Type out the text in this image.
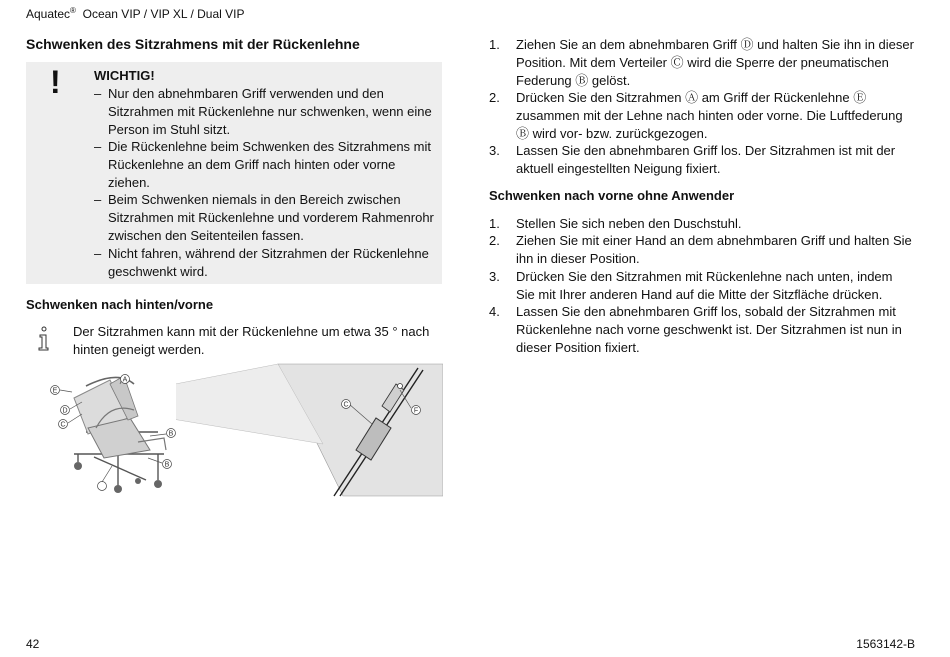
Aquatec®  Ocean VIP / VIP XL / Dual VIP
Schwenken des Sitzrahmens mit der Rückenlehne
!	WICHTIG!
– Nur den abnehmbaren Griff verwenden und den Sitzrahmen mit Rückenlehne nur schwenken, wenn eine Person im Stuhl sitzt.
– Die Rückenlehne beim Schwenken des Sitzrahmens mit Rückenlehne an dem Griff nach hinten oder vorne ziehen.
– Beim Schwenken niemals in den Bereich zwischen Sitzrahmen mit Rückenlehne und vorderem Rahmenrohr zwischen den Seitenteilen fassen.
– Nicht fahren, während der Sitzrahmen der Rückenlehne geschwenkt wird.
Schwenken nach hinten/vorne
Der Sitzrahmen kann mit der Rückenlehne um etwa 35 ° nach hinten geneigt werden.
A
B
B
C
D
E
C
F
1.	Ziehen Sie an dem abnehmbaren Griff Ⓓ und halten Sie ihn in dieser Position. Mit dem Verteiler Ⓒ wird die Sperre der pneumatischen Federung Ⓑ gelöst.
2.	Drücken Sie den Sitzrahmen Ⓐ am Griff der Rückenlehne Ⓔ zusammen mit der Lehne nach hinten oder vorne. Die Luftfederung Ⓑ wird vor- bzw. zurückgezogen.
3.	Lassen Sie den abnehmbaren Griff los. Der Sitzrahmen ist mit der aktuell eingestellten Neigung fixiert.
Schwenken nach vorne ohne Anwender
1.	Stellen Sie sich neben den Duschstuhl.
2.	Ziehen Sie mit einer Hand an dem abnehmbaren Griff und halten Sie ihn in dieser Position.
3.	Drücken Sie den Sitzrahmen mit Rückenlehne nach unten, indem Sie mit Ihrer anderen Hand auf die Mitte der Sitzfläche drücken.
4.	Lassen Sie den abnehmbaren Griff los, sobald der Sitzrahmen mit Rückenlehne nach vorne geschwenkt ist. Der Sitzrahmen ist nun in dieser Position fixiert.
42	1563142-B
